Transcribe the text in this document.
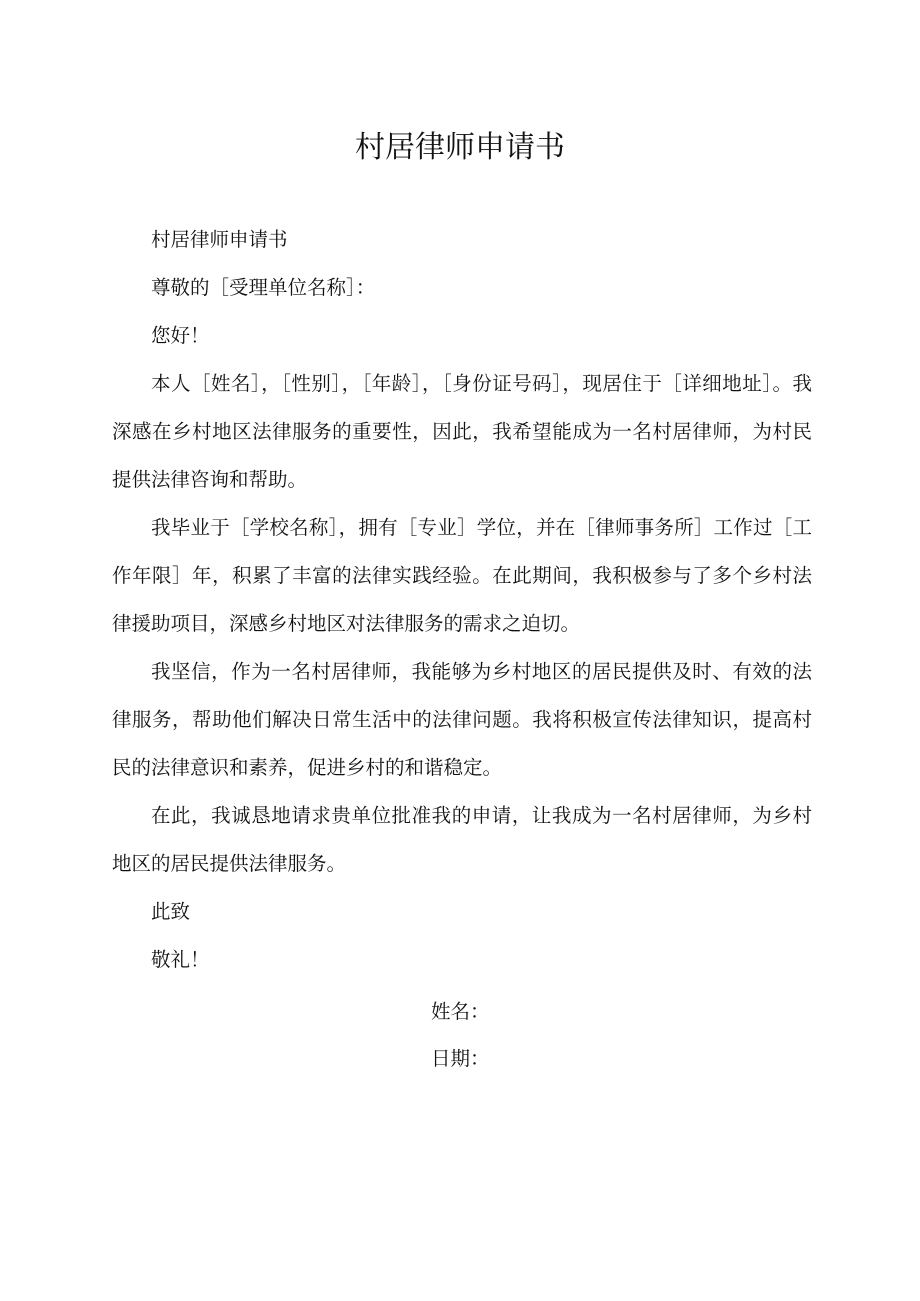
村居律师申请书

村居律师申请书

尊敬的［受理单位名称］：

您好！

本人［姓名］，［性别］，［年龄］，［身份证号码］，现居住于［详细地址］。我深感在乡村地区法律服务的重要性，因此，我希望能成为一名村居律师，为村民提供法律咨询和帮助。

我毕业于［学校名称］，拥有［专业］学位，并在［律师事务所］工作过［工作年限］年，积累了丰富的法律实践经验。在此期间，我积极参与了多个乡村法律援助项目，深感乡村地区对法律服务的需求之迫切。

我坚信，作为一名村居律师，我能够为乡村地区的居民提供及时、有效的法律服务，帮助他们解决日常生活中的法律问题。我将积极宣传法律知识，提高村民的法律意识和素养，促进乡村的和谐稳定。

在此，我诚恳地请求贵单位批准我的申请，让我成为一名村居律师，为乡村地区的居民提供法律服务。

此致

敬礼！

姓名：
日期：
